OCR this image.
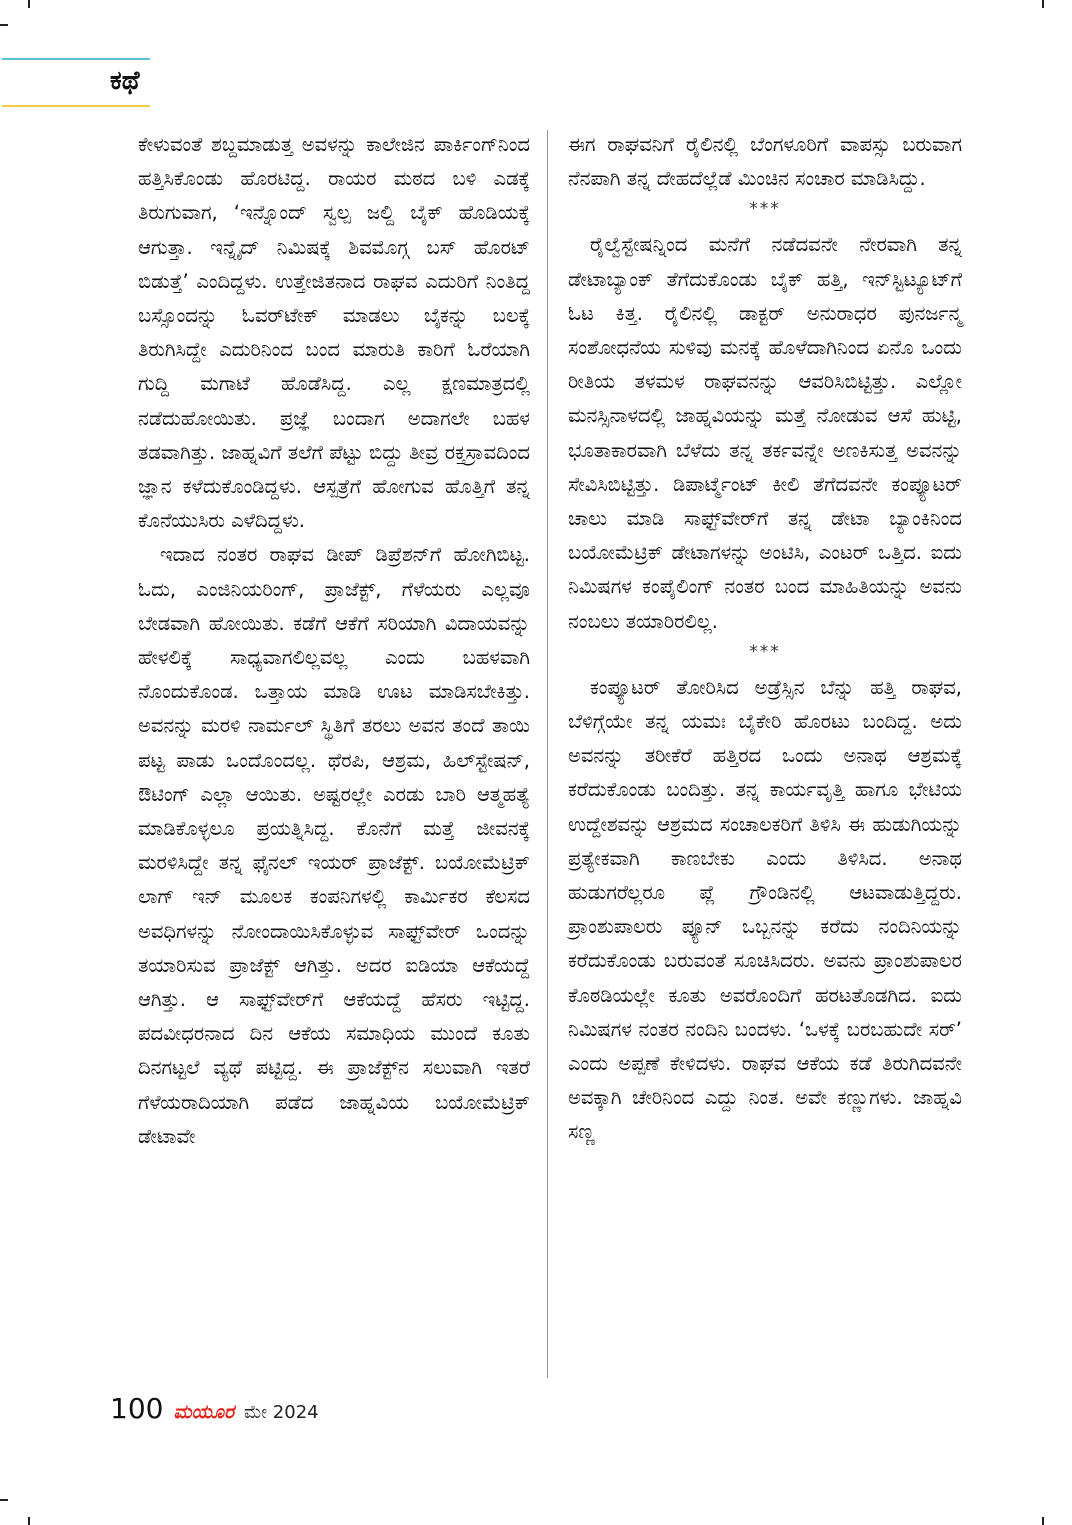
ಕಥೆ

ಕೇಳುವಂತೆ ಶಬ್ದಮಾಡುತ್ತ ಅವಳನ್ನು ಕಾಲೇಜಿನ ಪಾರ್ಕಿಂಗ್‌ನಿಂದ ಹತ್ತಿಸಿಕೊಂಡು ಹೊರಟಿದ್ದ. ರಾಯರ ಮಠದ ಬಳಿ ಎಡಕ್ಕೆ ತಿರುಗುವಾಗ, ‘ಇನ್ನೊಂದ್ ಸ್ವಲ್ಪ ಜಲ್ದಿ ಬೈಕ್ ಹೊಡಿಯಕ್ಕೆ ಆಗುತ್ತಾ. ಇನ್ನೈದ್ ನಿಮಿಷಕ್ಕೆ ಶಿವಮೊಗ್ಗ ಬಸ್ ಹೊರಟ್ ಬಿಡುತ್ತೆ’ ಎಂದಿದ್ದಳು. ಉತ್ತೇಜಿತನಾದ ರಾಘವ ಎದುರಿಗೆ ನಿಂತಿದ್ದ ಬಸ್ಸೊಂದನ್ನು ಓವರ್‌ಟೇಕ್ ಮಾಡಲು ಬೈಕನ್ನು ಬಲಕ್ಕೆ ತಿರುಗಿಸಿದ್ದೇ ಎದುರಿನಿಂದ ಬಂದ ಮಾರುತಿ ಕಾರಿಗೆ ಓರೆಯಾಗಿ ಗುದ್ದಿ ಮಗಾಟೆ ಹೊಡೆಸಿದ್ದ. ಎಲ್ಲ ಕ್ಷಣಮಾತ್ರದಲ್ಲಿ ನಡೆದುಹೋಯಿತು. ಪ್ರಜ್ಞೆ ಬಂದಾಗ ಅದಾಗಲೇ ಬಹಳ ತಡವಾಗಿತ್ತು. ಜಾಹ್ನವಿಗೆ ತಲೆಗೆ ಪೆಟ್ಟು ಬಿದ್ದು ತೀವ್ರ ರಕ್ತಸ್ರಾವದಿಂದ ಜ್ಞಾನ ಕಳೆದುಕೊಂಡಿದ್ದಳು. ಆಸ್ಪತ್ರೆಗೆ ಹೋಗುವ ಹೊತ್ತಿಗೆ ತನ್ನ ಕೊನೆಯುಸಿರು ಎಳೆದಿದ್ದಳು.

ಇದಾದ ನಂತರ ರಾಘವ ಡೀಪ್ ಡಿಪ್ರೆಶನ್‌ಗೆ ಹೋಗಿಬಿಟ್ಟ. ಓದು, ಎಂಜಿನಿಯರಿಂಗ್, ಪ್ರಾಜೆಕ್ಟ್, ಗೆಳೆಯರು ಎಲ್ಲವೂ ಬೇಡವಾಗಿ ಹೋಯಿತು. ಕಡೆಗೆ ಆಕೆಗೆ ಸರಿಯಾಗಿ ವಿದಾಯವನ್ನು ಹೇಳಲಿಕ್ಕೆ ಸಾಧ್ಯವಾಗಲಿಲ್ಲವಲ್ಲ ಎಂದು ಬಹಳವಾಗಿ ನೊಂದುಕೊಂಡ. ಒತ್ತಾಯ ಮಾಡಿ ಊಟ ಮಾಡಿಸಬೇಕಿತ್ತು. ಅವನನ್ನು ಮರಳಿ ನಾರ್ಮಲ್ ಸ್ಥಿತಿಗೆ ತರಲು ಅವನ ತಂದೆ ತಾಯಿ ಪಟ್ಟ ಪಾಡು ಒಂದೊಂದಲ್ಲ. ಥೆರಪಿ, ಆಶ್ರಮ, ಹಿಲ್‌ಸ್ಟೇಷನ್, ಔಟಿಂಗ್ ಎಲ್ಲಾ ಆಯಿತು. ಅಷ್ಟರಲ್ಲೇ ಎರಡು ಬಾರಿ ಆತ್ಮಹತ್ಯೆ ಮಾಡಿಕೊಳ್ಳಲೂ ಪ್ರಯತ್ನಿಸಿದ್ದ. ಕೊನೆಗೆ ಮತ್ತೆ ಜೀವನಕ್ಕೆ ಮರಳಿಸಿದ್ದೇ ತನ್ನ ಫೈನಲ್ ಇಯರ್ ಪ್ರಾಜೆಕ್ಟ್. ಬಯೋಮೆಟ್ರಿಕ್ ಲಾಗ್ ಇನ್ ಮೂಲಕ ಕಂಪನಿಗಳಲ್ಲಿ ಕಾರ್ಮಿಕರ ಕೆಲಸದ ಅವಧಿಗಳನ್ನು ನೋಂದಾಯಿಸಿಕೊಳ್ಳುವ ಸಾಫ್ಟ್‌ವೇರ್ ಒಂದನ್ನು ತಯಾರಿಸುವ ಪ್ರಾಜೆಕ್ಟ್ ಆಗಿತ್ತು. ಅದರ ಐಡಿಯಾ ಆಕೆಯದ್ದೆ ಆಗಿತ್ತು. ಆ ಸಾಫ್ಟ್‌ವೇರ್‌ಗೆ ಆಕೆಯದ್ದೆ ಹೆಸರು ಇಟ್ಟಿದ್ದ. ಪದವೀಧರನಾದ ದಿನ ಆಕೆಯ ಸಮಾಧಿಯ ಮುಂದೆ ಕೂತು ದಿನಗಟ್ಟಲೆ ವ್ಯಥೆ ಪಟ್ಟಿದ್ದ. ಈ ಪ್ರಾಜೆಕ್ಟ್‌ನ ಸಲುವಾಗಿ ಇತರೆ ಗೆಳೆಯರಾದಿಯಾಗಿ ಪಡೆದ ಜಾಹ್ನವಿಯ ಬಯೋಮೆಟ್ರಿಕ್ ಡೇಟಾವೇ

ಈಗ ರಾಘವನಿಗೆ ರೈಲಿನಲ್ಲಿ ಬೆಂಗಳೂರಿಗೆ ವಾಪಸ್ಸು ಬರುವಾಗ ನೆನಪಾಗಿ ತನ್ನ ದೇಹದೆಲ್ಲೆಡೆ ಮಿಂಚಿನ ಸಂಚಾರ ಮಾಡಿಸಿದ್ದು.

***

ರೈಲ್ವೆಸ್ಟೇಷನ್ನಿಂದ ಮನೆಗೆ ನಡೆದವನೇ ನೇರವಾಗಿ ತನ್ನ ಡೇಟಾಬ್ಯಾಂಕ್ ತೆಗೆದುಕೊಂಡು ಬೈಕ್ ಹತ್ತಿ, ಇನ್‌ಸ್ಟಿಟ್ಯೂಟ್‌ಗೆ ಓಟ ಕಿತ್ತ. ರೈಲಿನಲ್ಲಿ ಡಾಕ್ಟರ್ ಅನುರಾಧರ ಪುನರ್ಜನ್ಮ ಸಂಶೋಧನೆಯ ಸುಳಿವು ಮನಕ್ಕೆ ಹೊಳೆದಾಗಿನಿಂದ ಏನೊ ಒಂದು ರೀತಿಯ ತಳಮಳ ರಾಘವನನ್ನು ಆವರಿಸಿಬಿಟ್ಟಿತ್ತು. ಎಲ್ಲೋ ಮನಸ್ಸಿನಾಳದಲ್ಲಿ ಜಾಹ್ನವಿಯನ್ನು ಮತ್ತೆ ನೋಡುವ ಆಸೆ ಹುಟ್ಟಿ, ಭೂತಾಕಾರವಾಗಿ ಬೆಳೆದು ತನ್ನ ತರ್ಕವನ್ನೇ ಅಣಕಿಸುತ್ತ ಅವನನ್ನು ಸೇವಿಸಿಬಿಟ್ಟಿತ್ತು. ಡಿಪಾರ್ಟ್ಮೆಂಟ್ ಕೀಲಿ ತೆಗೆದವನೇ ಕಂಪ್ಯೂಟರ್ ಚಾಲು ಮಾಡಿ ಸಾಫ್ಟ್‌ವೇರ್‌ಗೆ ತನ್ನ ಡೇಟಾ ಬ್ಯಾಂಕಿನಿಂದ ಬಯೋಮೆಟ್ರಿಕ್ ಡೇಟಾಗಳನ್ನು ಅಂಟಿಸಿ, ಎಂಟರ್ ಒತ್ತಿದ. ಐದು ನಿಮಿಷಗಳ ಕಂಪೈಲಿಂಗ್ ನಂತರ ಬಂದ ಮಾಹಿತಿಯನ್ನು ಅವನು ನಂಬಲು ತಯಾರಿರಲಿಲ್ಲ.

***

ಕಂಪ್ಯೂಟರ್ ತೋರಿಸಿದ ಅಡ್ರೆಸ್ಸಿನ ಬೆನ್ನು ಹತ್ತಿ ರಾಘವ, ಬೆಳಿಗ್ಗೆಯೇ ತನ್ನ ಯಮಃ ಬೈಕೇರಿ ಹೊರಟು ಬಂದಿದ್ದ. ಅದು ಅವನನ್ನು ತರೀಕೆರೆ ಹತ್ತಿರದ ಒಂದು ಅನಾಥ ಆಶ್ರಮಕ್ಕೆ ಕರೆದುಕೊಂಡು ಬಂದಿತ್ತು. ತನ್ನ ಕಾರ್ಯವೃತ್ತಿ ಹಾಗೂ ಭೇಟಿಯ ಉದ್ದೇಶವನ್ನು ಆಶ್ರಮದ ಸಂಚಾಲಕರಿಗೆ ತಿಳಿಸಿ ಈ ಹುಡುಗಿಯನ್ನು ಪ್ರತ್ಯೇಕವಾಗಿ ಕಾಣಬೇಕು ಎಂದು ತಿಳಿಸಿದ. ಅನಾಥ ಹುಡುಗರೆಲ್ಲರೂ ಪ್ಲೆ ಗ್ರೌಂಡಿನಲ್ಲಿ ಆಟವಾಡುತ್ತಿದ್ದರು. ಪ್ರಾಂಶುಪಾಲರು ಪ್ಯೂನ್ ಒಬ್ಬನನ್ನು ಕರೆದು ನಂದಿನಿಯನ್ನು ಕರೆದುಕೊಂಡು ಬರುವಂತೆ ಸೂಚಿಸಿದರು. ಅವನು ಪ್ರಾಂಶುಪಾಲರ ಕೊಠಡಿಯಲ್ಲೇ ಕೂತು ಅವರೊಂದಿಗೆ ಹರಟತೊಡಗಿದ. ಐದು ನಿಮಿಷಗಳ ನಂತರ ನಂದಿನಿ ಬಂದಳು. ‘ಒಳಕ್ಕೆ ಬರಬಹುದೇ ಸರ್’ ಎಂದು ಅಪ್ಪಣೆ ಕೇಳಿದಳು. ರಾಘವ ಆಕೆಯ ಕಡೆ ತಿರುಗಿದವನೇ ಅವಕ್ಕಾಗಿ ಚೇರಿನಿಂದ ಎದ್ದು ನಿಂತ. ಅವೇ ಕಣ್ಣುಗಳು. ಜಾಹ್ನವಿ ಸಣ್ಣ

100 ಮಯೂರ ಮೇ 2024
